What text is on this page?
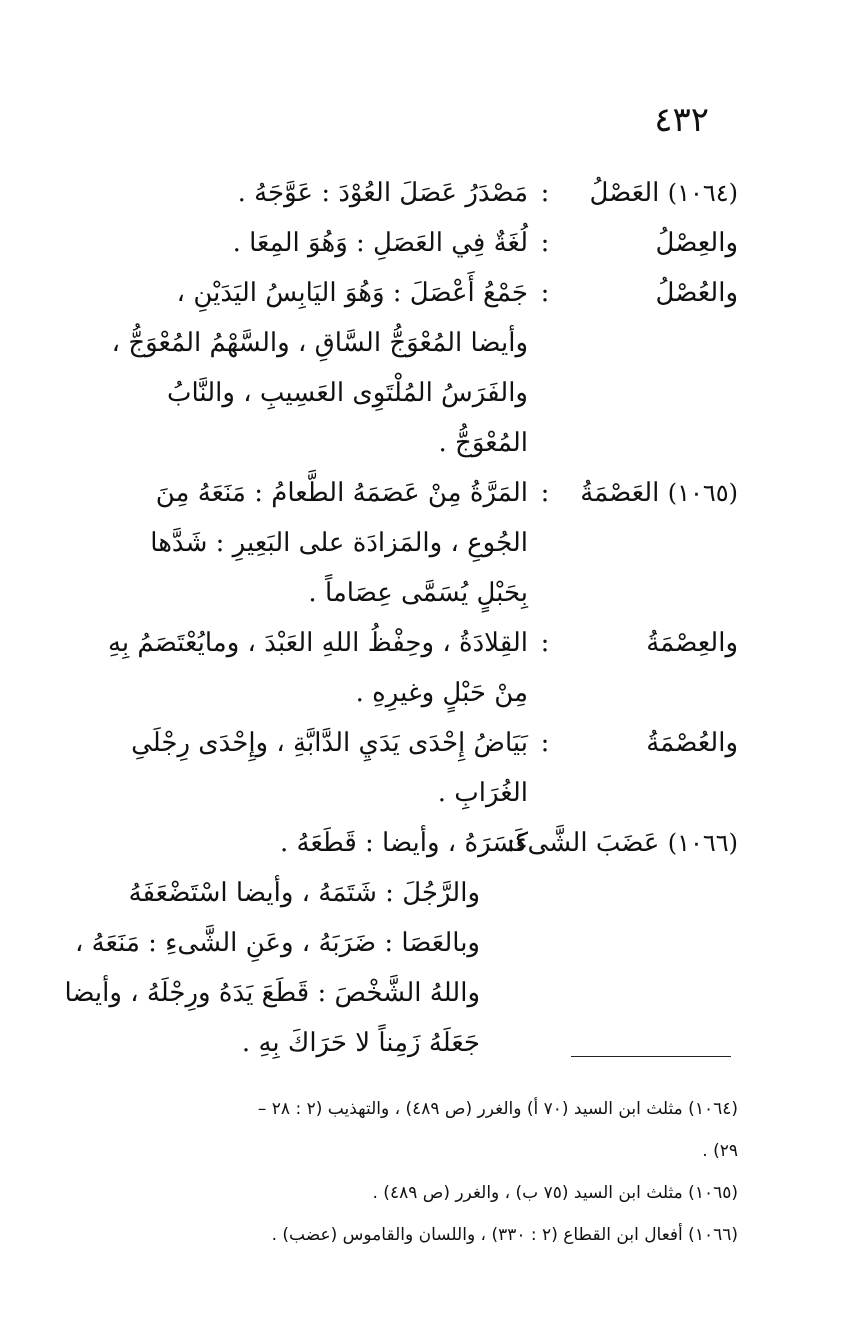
٤٣٢
(١٠٦٤) العَصْلُ
:
مَصْدَرُ عَصَلَ العُوْدَ : عَوَّجَهُ .
والعِصْلُ
:
لُغَةٌ فِي العَصَلِ : وَهُوَ المِعَا .
والعُصْلُ
:
جَمْعُ أَعْصَلَ : وَهُوَ اليَابِسُ اليَدَيْنِ ،
وأيضا المُعْوَجُّ السَّاقِ ، والسَّهْمُ المُعْوَجُّ ،
والفَرَسُ المُلْتَوِى العَسِيبِ ، والنَّابُ
المُعْوَجُّ .
(١٠٦٥) العَصْمَةُ
:
المَرَّةُ مِنْ عَصَمَهُ الطَّعامُ : مَنَعَهُ مِنَ
الجُوعِ ، والمَزادَة على البَعِيرِ : شَدَّها
بِحَبْلٍ يُسَمَّى عِصَاماً .
والعِصْمَةُ
:
القِلادَةُ ، وحِفْظُ اللهِ العَبْدَ ، ومايُعْتَصَمُ بِهِ
مِنْ حَبْلٍ وغيرِهِ .
والعُصْمَةُ
:
بَيَاضُ إِحْدَى يَدَيِ الدَّابَّةِ ، وإِحْدَى رِجْلَىِ
الغُرَابِ .
(١٠٦٦) عَضَبَ الشَّىءَ:
كَسَرَهُ ، وأيضا : قَطَعَهُ .
والرَّجُلَ : شَتَمَهُ ، وأيضا اسْتَضْعَفَهُ
وبالعَصَا : ضَرَبَهُ ، وعَنِ الشَّىءِ : مَنَعَهُ ،
واللهُ الشَّخْصَ : قَطَعَ يَدَهُ ورِجْلَهُ ، وأيضا
جَعَلَهُ زَمِناً لا حَرَاكَ بِهِ .
(١٠٦٤) مثلث ابن السيد (٧٠ أ) والغرر (ص ٤٨٩) ، والتهذيب (٢ : ٢٨ –
٢٩) .
(١٠٦٥) مثلث ابن السيد (٧٥ ب) ، والغرر (ص ٤٨٩) .
(١٠٦٦) أفعال ابن القطاع (٢ : ٣٣٠) ، واللسان والقاموس (عضب) .
